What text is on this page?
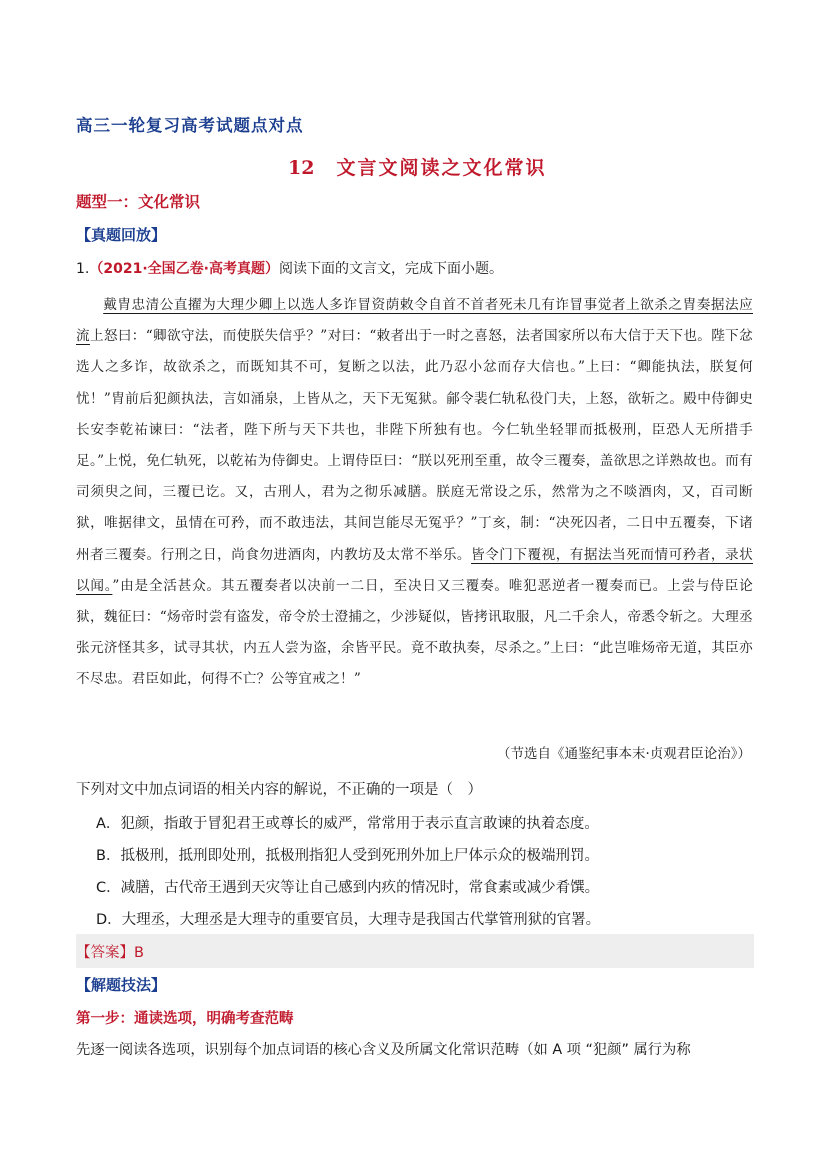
高三一轮复习高考试题点对点
12 文言文阅读之文化常识
题型一：文化常识
【真题回放】
1.（2021·全国乙卷·高考真题）阅读下面的文言文，完成下面小题。
戴胄忠清公直擢为大理少卿上以选人多诈冒资荫敕令自首不首者死未几有诈冒事觉者上欲杀之胄奏据法应流上怒曰：“卿欲守法，而使朕失信乎？”对曰：“敕者出于一时之喜怒，法者国家所以布大信于天下也。陛下忿选人之多诈，故欲杀之，而既知其不可，复断之以法，此乃忍小忿而存大信也。”上曰：“卿能执法，朕复何忧！”胄前后犯颜执法，言如涌泉，上皆从之，天下无冤狱。鄃令裴仁轨私役门夫，上怒，欲斩之。殿中侍御史长安李乾祐谏曰：“法者，陛下所与天下共也，非陛下所独有也。今仁轨坐轻罪而抵极刑，臣恐人无所措手足。”上悦，免仁轨死，以乾祐为侍御史。上谓侍臣曰：“朕以死刑至重，故令三覆奏，盖欲思之详熟故也。而有司须臾之间，三覆已讫。又，古刑人，君为之彻乐减膳。朕庭无常设之乐，然常为之不啖酒肉，又，百司断狱，唯据律文，虽情在可矜，而不敢违法，其间岂能尽无冤乎？”丁亥，制：“决死囚者，二日中五覆奏，下诸州者三覆奏。行刑之日，尚食勿进酒肉，内教坊及太常不举乐。皆令门下覆视，有据法当死而情可矜者，录状以闻。”由是全活甚众。其五覆奏者以决前一二日，至决日又三覆奏。唯犯恶逆者一覆奏而已。上尝与侍臣论狱，魏征曰：“炀帝时尝有盗发，帝令於士澄捕之，少涉疑似，皆拷讯取服，凡二千余人，帝悉令斩之。大理丞张元济怪其多，试寻其状，内五人尝为盗，余皆平民。竟不敢执奏，尽杀之。”上曰：“此岂唯炀帝无道，其臣亦不尽忠。君臣如此，何得不亡？公等宜戒之！”
（节选自《通鉴纪事本末·贞观君臣论治》）
下列对文中加点词语的相关内容的解说，不正确的一项是（　）
A．犯颜，指敢于冒犯君王或尊长的威严，常常用于表示直言敢谏的执着态度。
B．抵极刑，抵刑即处刑，抵极刑指犯人受到死刑外加上尸体示众的极端刑罚。
C．减膳，古代帝王遇到天灾等让自己感到内疚的情况时，常食素或减少肴馔。
D．大理丞，大理丞是大理寺的重要官员，大理寺是我国古代掌管刑狱的官署。
【答案】B
【解题技法】
第一步：通读选项，明确考查范畴
先逐一阅读各选项，识别每个加点词语的核心含义及所属文化常识范畴（如 A 项 “犯颜” 属行为称
